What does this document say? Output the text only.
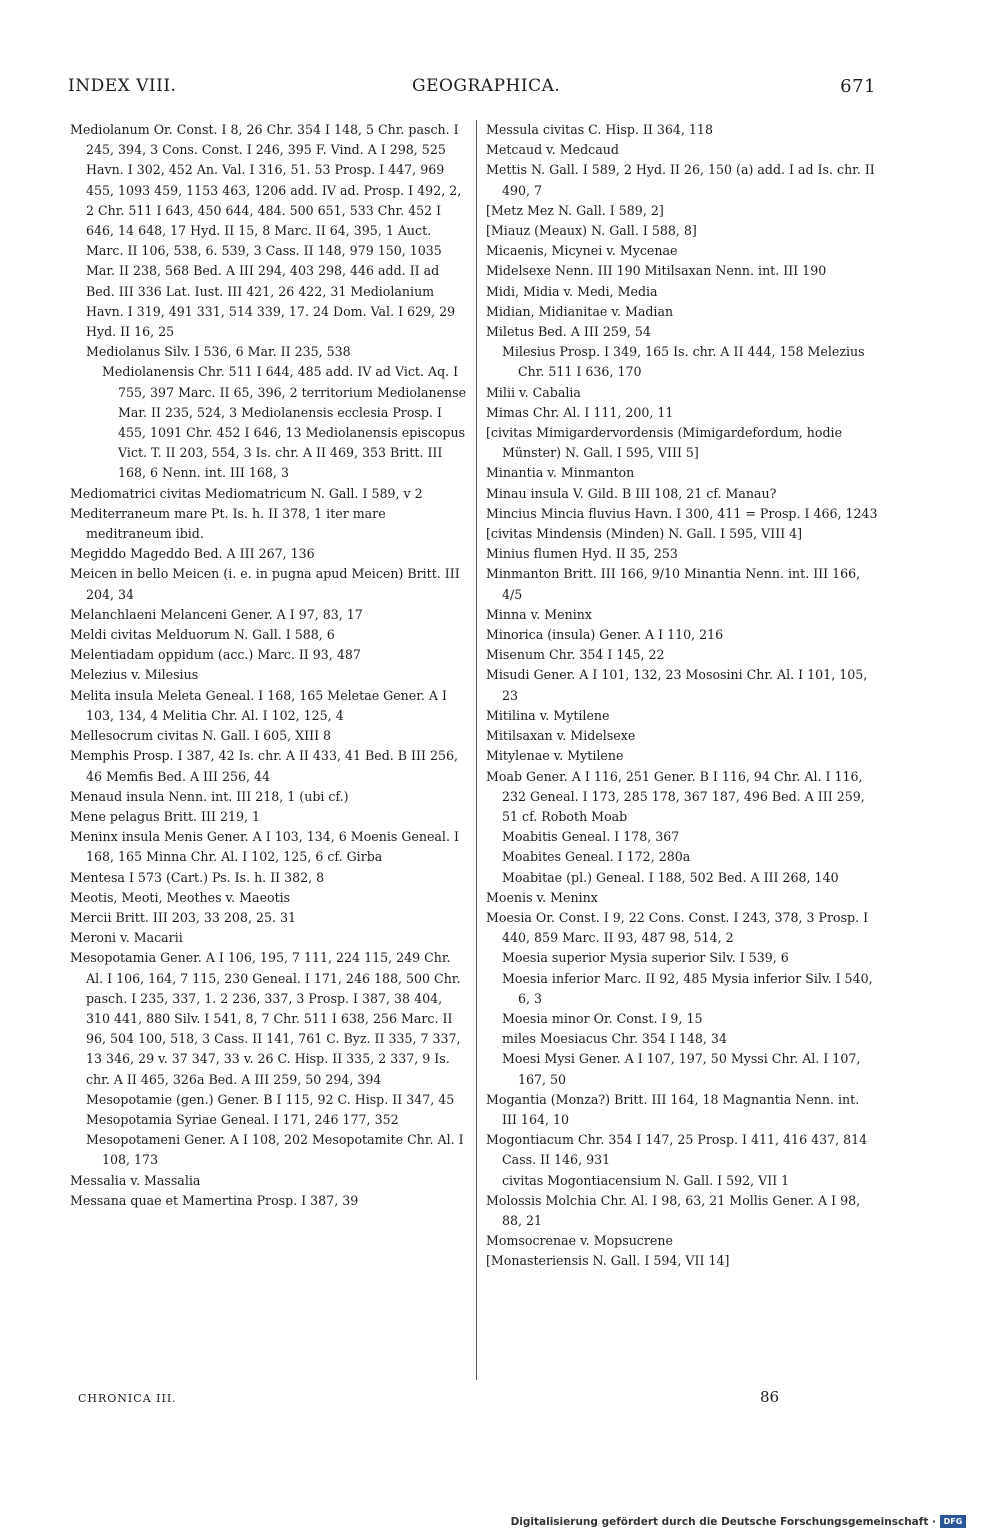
INDEX VIII.	GEOGRAPHICA.	671
Mediolanum Or. Const. I 8, 26 Chr. 354 I 148, 5 Chr. pasch. I 245, 394, 3 Cons. Const. I 246, 395 F. Vind. A I 298, 525 Havn. I 302, 452 An. Val. I 316, 51. 53 Prosp. I 447, 969 455, 1093 459, 1153 463, 1206 add. IV ad. Prosp. I 492, 2, 2 Chr. 511 I 643, 450 644, 484. 500 651, 533 Chr. 452 I 646, 14 648, 17 Hyd. II 15, 8 Marc. II 64, 395, 1 Auct. Marc. II 106, 538, 6. 539, 3 Cass. II 148, 979 150, 1035 Mar. II 238, 568 Bed. A III 294, 403 298, 446 add. II ad Bed. III 336 Lat. Iust. III 421, 26 422, 31 Mediolanium Havn. I 319, 491 331, 514 339, 17. 24 Dom. Val. I 629, 29 Hyd. II 16, 25
Mediolanus Silv. I 536, 6 Mar. II 235, 538
Mediolanensis Chr. 511 I 644, 485 add. IV ad Vict. Aq. I 755, 397 Marc. II 65, 396, 2 territorium Mediolanense Mar. II 235, 524, 3 Mediolanensis ecclesia Prosp. I 455, 1091 Chr. 452 I 646, 13 Mediolanensis episcopus Vict. T. II 203, 554, 3 Is. chr. A II 469, 353 Britt. III 168, 6 Nenn. int. III 168, 3
Mediomatrici civitas Mediomatricum N. Gall. I 589, v 2
Mediterraneum mare Pt. Is. h. II 378, 1 iter mare meditraneum ibid.
Megiddo Mageddo Bed. A III 267, 136
Meicen in bello Meicen (i. e. in pugna apud Meicen) Britt. III 204, 34
Melanchlaeni Melanceni Gener. A I 97, 83, 17
Meldi civitas Melduorum N. Gall. I 588, 6
Melentiadam oppidum (acc.) Marc. II 93, 487
Melezius v. Milesius
Melita insula Meleta Geneal. I 168, 165 Meletae Gener. A I 103, 134, 4 Melitia Chr. Al. I 102, 125, 4
Mellesocrum civitas N. Gall. I 605, XIII 8
Memphis Prosp. I 387, 42 Is. chr. A II 433, 41 Bed. B III 256, 46 Memfis Bed. A III 256, 44
Menaud insula Nenn. int. III 218, 1 (ubi cf.)
Mene pelagus Britt. III 219, 1
Meninx insula Menis Gener. A I 103, 134, 6 Moenis Geneal. I 168, 165 Minna Chr. Al. I 102, 125, 6 cf. Girba
Mentesa I 573 (Cart.) Ps. Is. h. II 382, 8
Meotis, Meoti, Meothes v. Maeotis
Mercii Britt. III 203, 33 208, 25. 31
Meroni v. Macarii
Mesopotamia Gener. A I 106, 195, 7 111, 224 115, 249 Chr. Al. I 106, 164, 7 115, 230 Geneal. I 171, 246 188, 500 Chr. pasch. I 235, 337, 1. 2 236, 337, 3 Prosp. I 387, 38 404, 310 441, 880 Silv. I 541, 8, 7 Chr. 511 I 638, 256 Marc. II 96, 504 100, 518, 3 Cass. II 141, 761 C. Byz. II 335, 7 337, 13 346, 29 v. 37 347, 33 v. 26 C. Hisp. II 335, 2 337, 9 Is. chr. A II 465, 326a Bed. A III 259, 50 294, 394 Mesopotamie (gen.) Gener. B I 115, 92 C. Hisp. II 347, 45 Mesopotamia Syriae Geneal. I 171, 246 177, 352
Mesopotameni Gener. A I 108, 202 Mesopotamite Chr. Al. I 108, 173
Messalia v. Massalia
Messana quae et Mamertina Prosp. I 387, 39
Messula civitas C. Hisp. II 364, 118
Metcaud v. Medcaud
Mettis N. Gall. I 589, 2 Hyd. II 26, 150 (a) add. I ad Is. chr. II 490, 7
[Metz Mez N. Gall. I 589, 2]
[Miauz (Meaux) N. Gall. I 588, 8]
Micaenis, Micynei v. Mycenae
Midelsexe Nenn. III 190 Mitilsaxan Nenn. int. III 190
Midi, Midia v. Medi, Media
Midian, Midianitae v. Madian
Miletus Bed. A III 259, 54
Milesius Prosp. I 349, 165 Is. chr. A II 444, 158 Melezius Chr. 511 I 636, 170
Milii v. Cabalia
Mimas Chr. Al. I 111, 200, 11
[civitas Mimigardervordensis (Mimigardefordum, hodie Münster) N. Gall. I 595, VIII 5]
Minantia v. Minmanton
Minau insula V. Gild. B III 108, 21 cf. Manau?
Mincius Mincia fluvius Havn. I 300, 411 = Prosp. I 466, 1243
[civitas Mindensis (Minden) N. Gall. I 595, VIII 4]
Minius flumen Hyd. II 35, 253
Minmanton Britt. III 166, 9/10 Minantia Nenn. int. III 166, 4/5
Minna v. Meninx
Minorica (insula) Gener. A I 110, 216
Misenum Chr. 354 I 145, 22
Misudi Gener. A I 101, 132, 23 Mososini Chr. Al. I 101, 105, 23
Mitilina v. Mytilene
Mitilsaxan v. Midelsexe
Mitylenae v. Mytilene
Moab Gener. A I 116, 251 Gener. B I 116, 94 Chr. Al. I 116, 232 Geneal. I 173, 285 178, 367 187, 496 Bed. A III 259, 51 cf. Roboth Moab
Moabitis Geneal. I 178, 367
Moabites Geneal. I 172, 280a
Moabitae (pl.) Geneal. I 188, 502 Bed. A III 268, 140
Moenis v. Meninx
Moesia Or. Const. I 9, 22 Cons. Const. I 243, 378, 3 Prosp. I 440, 859 Marc. II 93, 487 98, 514, 2
Moesia superior Mysia superior Silv. I 539, 6
Moesia inferior Marc. II 92, 485 Mysia inferior Silv. I 540, 6, 3
Moesia minor Or. Const. I 9, 15
miles Moesiacus Chr. 354 I 148, 34
Moesi Mysi Gener. A I 107, 197, 50 Myssi Chr. Al. I 107, 167, 50
Mogantia (Monza?) Britt. III 164, 18 Magnantia Nenn. int. III 164, 10
Mogontiacum Chr. 354 I 147, 25 Prosp. I 411, 416 437, 814 Cass. II 146, 931
civitas Mogontiacensium N. Gall. I 592, VII 1
Molossis Molchia Chr. Al. I 98, 63, 21 Mollis Gener. A I 98, 88, 21
Momsocrenae v. Mopsucrene
[Monasteriensis N. Gall. I 594, VII 14]
CHRONICA III.	86
Digitalisierung gefördert durch die Deutsche Forschungsgemeinschaft · DFG
